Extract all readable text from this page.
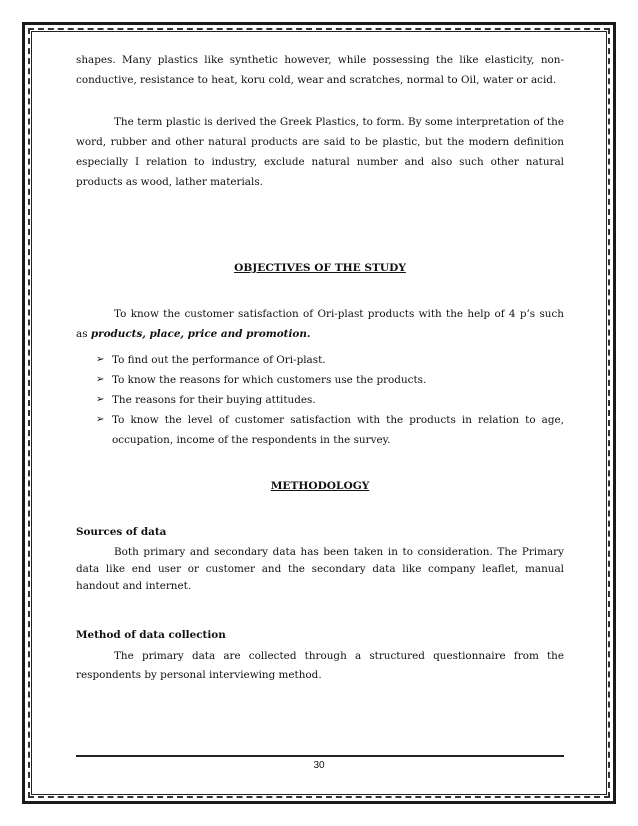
shapes. Many plastics like synthetic however, while possessing the like elasticity, non-conductive, resistance to heat, koru cold, wear and scratches, normal to Oil, water or acid.

The term plastic is derived the Greek Plastics, to form. By some interpretation of the word, rubber and other natural products are said to be plastic, but the modern definition especially I relation to industry, exclude natural number and also such other natural products as wood, lather materials.

OBJECTIVES OF THE STUDY

To know the customer satisfaction of Ori-plast products with the help of 4 p’s such as products, place, price and promotion.

➢ To find out the performance of Ori-plast.
➢ To know the reasons for which customers use the products.
➢ The reasons for their buying attitudes.
➢ To know the level of customer satisfaction with the products in relation to age, occupation, income of the respondents in the survey.
METHODOLOGY
Sources of data

Both primary and secondary data has been taken in to consideration. The Primary data like end user or customer and the secondary data like company leaflet, manual handout and internet.

Method of data collection

The primary data are collected through a structured questionnaire from the respondents by personal interviewing method.

30
